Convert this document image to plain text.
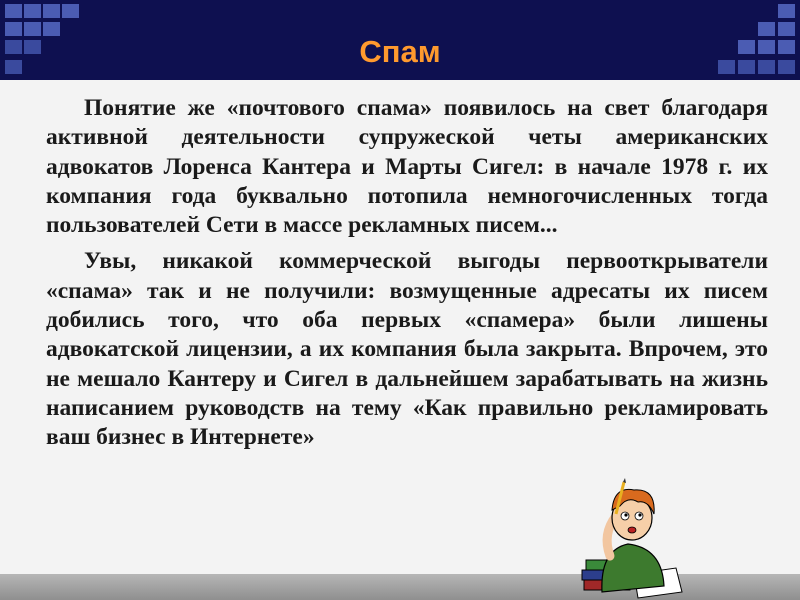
Спам

Понятие же «почтового спама» появилось на свет благодаря активной деятельности супружеской четы американских адвокатов Лоренса Кантера и Марты Сигел: в начале 1978 г. их компания года буквально потопила немногочисленных тогда пользователей Сети в массе рекламных писем...

Увы, никакой коммерческой выгоды первооткрыватели «спама» так и не получили: возмущенные адресаты их писем добились того, что оба первых «спамера» были лишены адвокатской лицензии, а их компания была закрыта. Впрочем, это не мешало Кантеру и Сигел в дальнейшем зарабатывать на жизнь написанием руководств на тему «Как правильно рекламировать ваш бизнес в Интернете»
